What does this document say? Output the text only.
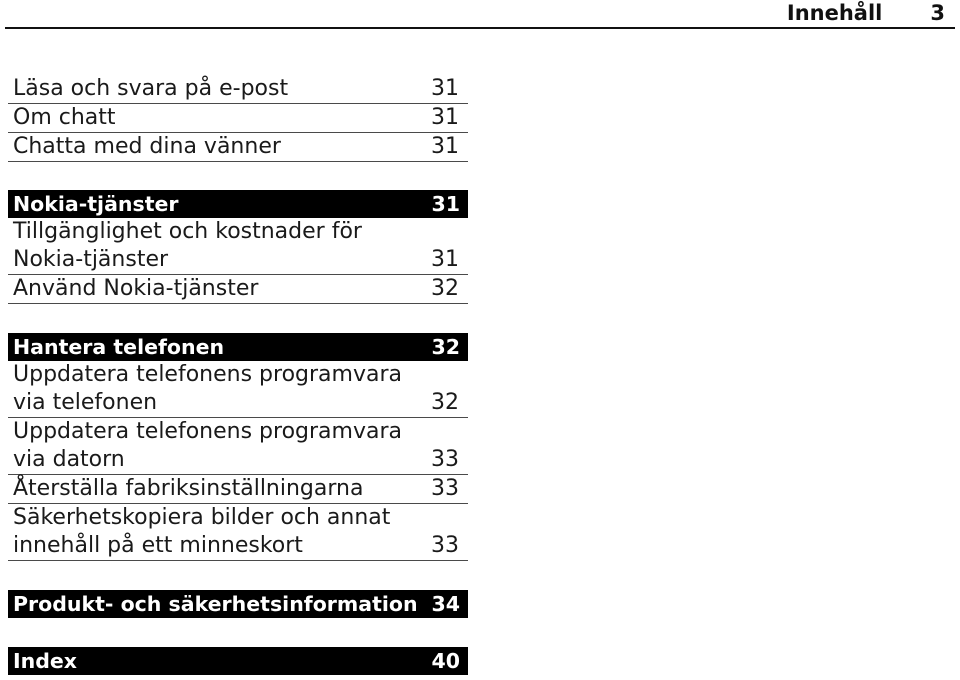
Innehåll 3
Läsa och svara på e-post	31
Om chatt	31
Chatta med dina vänner	31
Nokia-tjänster	31
Tillgänglighet och kostnader för
Nokia-tjänster	31
Använd Nokia-tjänster	32
Hantera telefonen	32
Uppdatera telefonens programvara
via telefonen	32
Uppdatera telefonens programvara
via datorn	33
Återställa fabriksinställningarna	33
Säkerhetskopiera bilder och annat
innehåll på ett minneskort	33
Produkt- och säkerhetsinformation 34
Index	40
